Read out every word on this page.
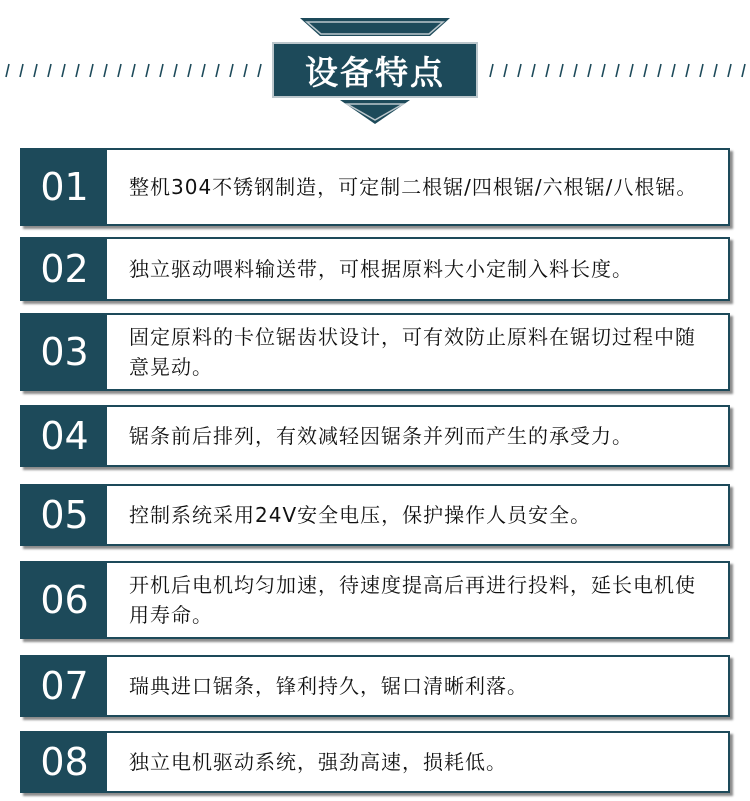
设备特点
01	整机304不锈钢制造，可定制二根锯/四根锯/六根锯/八根锯。
02	独立驱动喂料输送带，可根据原料大小定制入料长度。
03	固定原料的卡位锯齿状设计，可有效防止原料在锯切过程中随意晃动。
04	锯条前后排列，有效减轻因锯条并列而产生的承受力。
05	控制系统采用24V安全电压，保护操作人员安全。
06	开机后电机均匀加速，待速度提高后再进行投料，延长电机使用寿命。
07	瑞典进口锯条，锋利持久，锯口清晰利落。
08	独立电机驱动系统，强劲高速，损耗低。
